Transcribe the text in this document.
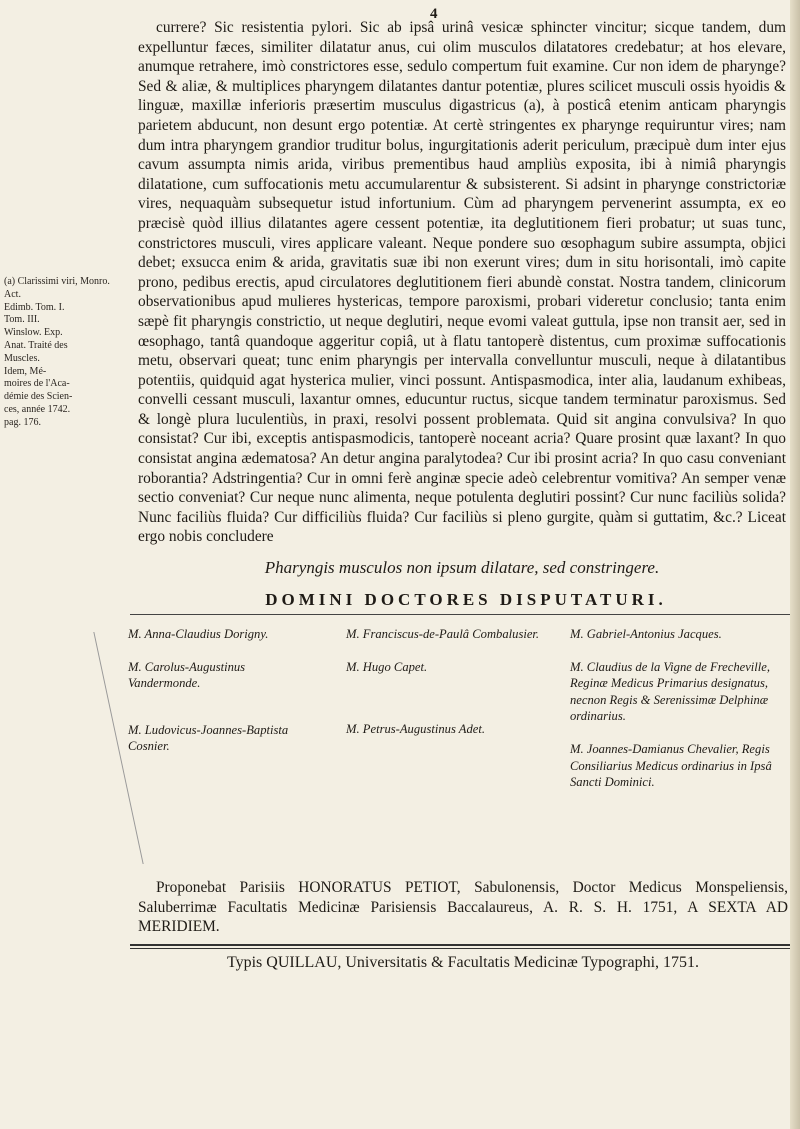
4

currere? Sic resistentia pylori. Sic ab ipsâ urinâ vesicæ sphincter vincitur; sicque tandem, dum expelluntur fæces, similiter dilatatur anus, cui olim musculos dilatatores credebatur; at hos elevare, anumque retrahere, imò constrictores esse, sedulo compertum fuit examine. Cur non idem de pharynge? Sed & aliæ, & multiplices pharyngem dilatantes dantur potentiæ, plures scilicet musculi ossis hyoidis & linguæ, maxillæ inferioris præsertim musculus digastricus (a), à posticâ etenim anticam pharyngis parietem abducunt, non desunt ergo potentiæ. At certè stringentes ex pharynge requiruntur vires; nam dum intra pharyngem grandior truditur bolus, ingurgitationis aderit periculum, præcipuè dum inter ejus cavum assumpta nimis arida, viribus prementibus haud ampliùs exposita, ibi à nimiâ pharyngis dilatatione, cum suffocationis metu accumularentur & subsisterent. Si adsint in pharynge constrictoriæ vires, nequaquàm subsequetur istud infortunium. Cùm ad pharyngem pervenerint assumpta, ex eo præcisè quòd illius dilatantes agere cessent potentiæ, ita deglutitionem fieri probatur; ut suas tunc, constrictores musculi, vires applicare valeant. Neque pondere suo œsophagum subire assumpta, objici debet; exsucca enim & arida, gravitatis suæ ibi non exerunt vires; dum in situ horisontali, imò capite prono, pedibus erectis, apud circulatores deglutitionem fieri abundè constat. Nostra tandem, clinicorum observationibus apud mulieres hystericas, tempore paroxismi, probari videretur conclusio; tanta enim sæpè fit pharyngis constrictio, ut neque deglutiri, neque evomi valeat guttula, ipse non transit aer, sed in œsophago, tantâ quandoque aggeritur copiâ, ut à flatu tantoperè distentus, cum proximæ suffocationis metu, observari queat; tunc enim pharyngis per intervalla convelluntur musculi, neque à dilatantibus potentiis, quidquid agat hysterica mulier, vinci possunt. Antispasmodica, inter alia, laudanum exhibeas, convelli cessant musculi, laxantur omnes, educuntur ructus, sicque tandem terminatur paroxismus. Sed & longè plura luculentiùs, in praxi, resolvi possent problemata. Quid sit angina convulsiva? In quo consistat? Cur ibi, exceptis antispasmodicis, tantoperè noceant acria? Quare prosint quæ laxant? In quo consistat angina ædematosa? An detur angina paralytodea? Cur ibi prosint acria? In quo casu conveniant roborantia? Adstringentia? Cur in omni ferè anginæ specie adeò celebrentur vomitiva? An semper venæ sectio conveniat? Cur neque nunc alimenta, neque potulenta deglutiri possint? Cur nunc faciliùs solida? Nunc faciliùs fluida? Cur difficiliùs fluida? Cur faciliùs si pleno gurgite, quàm si guttatim, &c.? Liceat ergo nobis concludere

(a) Clarissimi viri, Monro. Act.
Edimb. Tom. I.
Tom. III.
Winslow. Exp.
Anat. Traité des
Muscles.
Idem, Mé-
moires de l'Aca-
démie des Scien-
ces, année 1742.
pag. 176.
Pharyngis musculos non ipsum dilatare, sed constringere.
DOMINI DOCTORES DISPUTATURI.
M. Anna-Claudius Dorigny.
M. Carolus-Augustinus Vandermonde.
M. Ludovicus-Joannes-Baptista Cosnier.
M. Franciscus-de-Paulâ Combalusier.
M. Hugo Capet.
M. Petrus-Augustinus Adet.
M. Gabriel-Antonius Jacques.
M. Claudius de la Vigne de Frecheville, Reginæ Medicus Primarius designatus, necnon Regis & Serenissimæ Delphinæ ordinarius.
M. Joannes-Damianus Chevalier, Regis Consiliarius Medicus ordinarius in Ipsâ Sancti Dominici.

Proponebat Parisiis HONORATUS PETIOT, Sabulonensis, Doctor Medicus Monspeliensis, Saluberrimæ Facultatis Medicinæ Parisiensis Baccalaureus, A. R. S. H. 1751, A SEXTA AD MERIDIEM.

Typis QUILLAU, Universitatis & Facultatis Medicinæ Typographi, 1751.
